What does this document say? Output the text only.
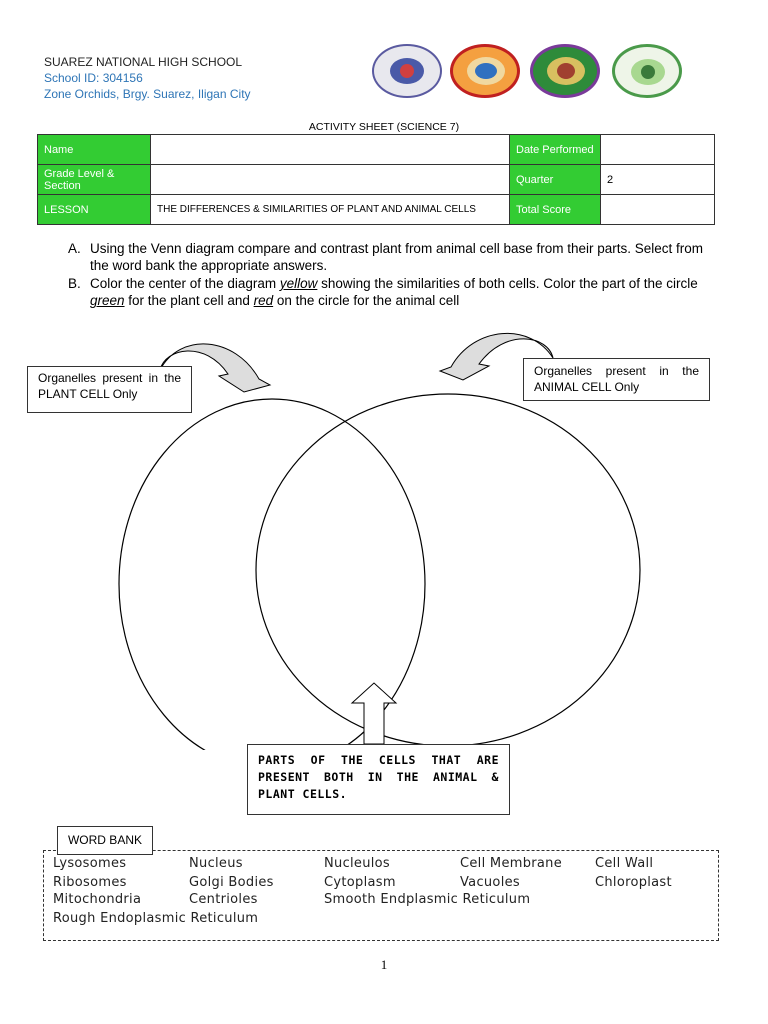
SUAREZ NATIONAL HIGH SCHOOL
School ID: 304156
Zone Orchids, Brgy. Suarez, Iligan City
ACTIVITY SHEET (SCIENCE 7)
Name		Date Performed	
Grade Level & Section		Quarter	2
LESSON	THE DIFFERENCES & SIMILARITIES OF PLANT AND ANIMAL CELLS	Total Score	
A. Using the Venn diagram compare and contrast plant from animal cell base from their parts. Select from the word bank the appropriate answers.
B. Color the center of the diagram yellow showing the similarities of both cells. Color the part of the circle green for the plant cell and red on the circle for the animal cell
Organelles present in the PLANT CELL Only
Organelles present in the ANIMAL CELL Only
PARTS OF THE CELLS THAT ARE PRESENT BOTH IN THE ANIMAL & PLANT CELLS.
WORD BANK
Lysosomes	Nucleus	Nucleulos	Cell Membrane	Cell Wall
Ribosomes	Golgi Bodies	Cytoplasm	Vacuoles	Chloroplast
Mitochondria	Centrioles	Smooth Endplasmic Reticulum
Rough Endoplasmic Reticulum
1
